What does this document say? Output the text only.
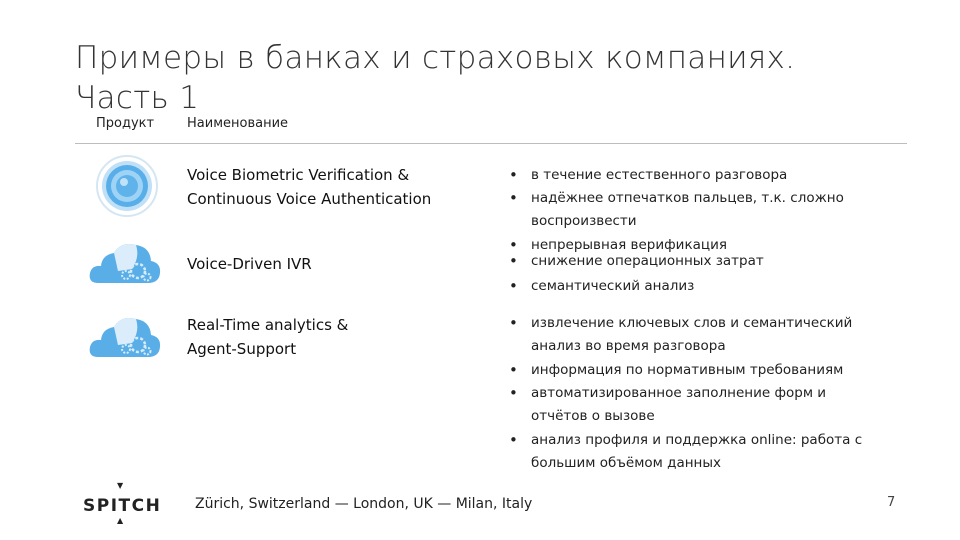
Примеры в банках и страховых компаниях. Часть 1
Продукт	Наименование
Voice Biometric Verification &
Continuous Voice Authentication
Voice-Driven IVR
Real-Time analytics &
Agent-Support
• в течение естественного разговора
• надёжнее отпечатков пальцев, т.к. сложно воспроизвести
• непрерывная верификация
• снижение операционных затрат
• семантический анализ
• извлечение ключевых слов и семантический анализ во время разговора
• информация по нормативным требованиям
• автоматизированное заполнение форм и отчётов о вызове
• анализ профиля и поддержка online: работа с большим объёмом данных
▼
SPITCH
▲
Zürich, Switzerland — London, UK — Milan, Italy	7
